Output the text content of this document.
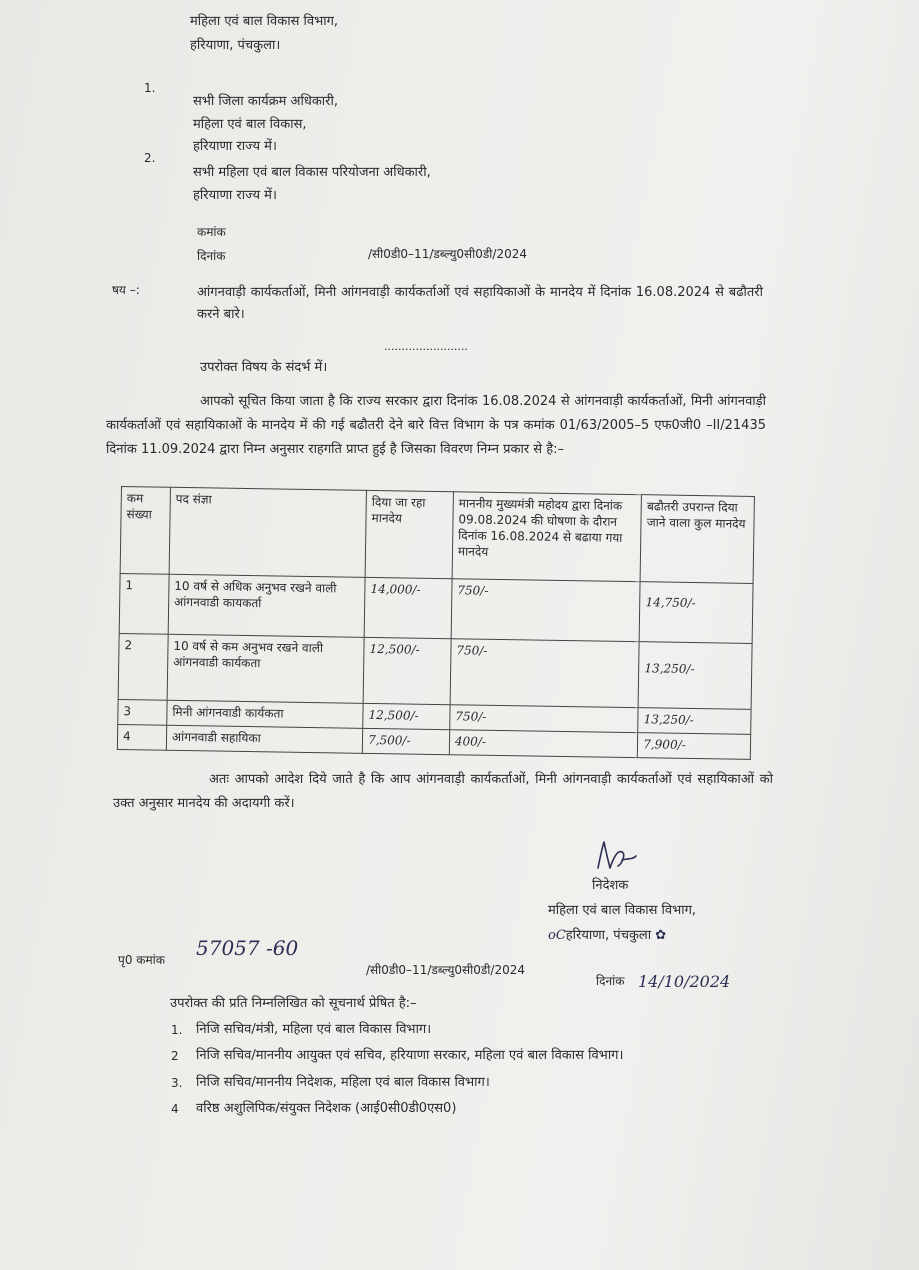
महिला एवं बाल विकास विभाग,
हरियाणा, पंचकुला।
1.
सभी जिला कार्यक्रम अधिकारी,
महिला एवं बाल विकास,
हरियाणा राज्य में।
2.
सभी महिला एवं बाल विकास परियोजना अधिकारी,
हरियाणा राज्य में।
कमांक
दिनांक	/सी0डी0–11/डब्ल्यु0सी0डी/2024
षय –:	आंगनवाड़ी कार्यकर्ताओं, मिनी आंगनवाड़ी कार्यकर्ताओं एवं सहायिकाओं के मानदेय में दिनांक 16.08.2024 से बढौतरी करने बारे।
........................
उपरोक्त विषय के संदर्भ में।
आपको सूचित किया जाता है कि राज्य सरकार द्वारा दिनांक 16.08.2024 से आंगनवाड़ी कार्यकर्ताओं, मिनी आंगनवाड़ी कार्यकर्ताओं एवं सहायिकाओं के मानदेय में की गई बढौतरी देने बारे वित्त विभाग के पत्र कमांक 01/63/2005–5 एफ0जी0 –II/21435 दिनांक 11.09.2024 द्वारा निम्न अनुसार राहगति प्राप्त हुई है जिसका विवरण निम्न प्रकार से है:–
कम संख्या	पद संज्ञा	दिया जा रहा मानदेय	माननीय मुख्यमंत्री महोदय द्वारा दिनांक 09.08.2024 की घोषणा के दौरान दिनांक 16.08.2024 से बढाया गया मानदेय	बढौतरी उपरान्त दिया जाने वाला कुल मानदेय
1	10 वर्ष से अधिक अनुभव रखने वाली आंगनवाडी कायकर्ता	14,000/-	750/-	14,750/-
2	10 वर्ष से कम अनुभव रखने वाली आंगनवाडी कार्यकता	12,500/-	750/-	13,250/-
3	मिनी आंगनवाडी कार्यकता	12,500/-	750/-	13,250/-
4	आंगनवाडी सहायिका	7,500/-	400/-	7,900/-
अतः आपको आदेश दिये जाते है कि आप आंगनवाड़ी कार्यकर्ताओं, मिनी आंगनवाड़ी कार्यकर्ताओं एवं सहायिकाओं को उक्त अनुसार मानदेय की अदायगी करें।
निदेशक
महिला एवं बाल विकास विभाग,
oCहरियाणा, पंचकुला ✿
पृ0 कमांक 57057 -60
/सी0डी0–11/डब्ल्यु0सी0डी/2024
दिनांक 14/10/2024
उपरोक्त की प्रति निम्नलिखित को सूचनार्थ प्रेषित है:–
1. निजि सचिव/मंत्री, महिला एवं बाल विकास विभाग।
2 निजि सचिव/माननीय आयुक्त एवं सचिव, हरियाणा सरकार, महिला एवं बाल विकास विभाग।
3. निजि सचिव/माननीय निदेशक, महिला एवं बाल विकास विभाग।
4 वरिष्ठ अशुलिपिक/संयुक्त निदेशक (आई0सी0डी0एस0)
